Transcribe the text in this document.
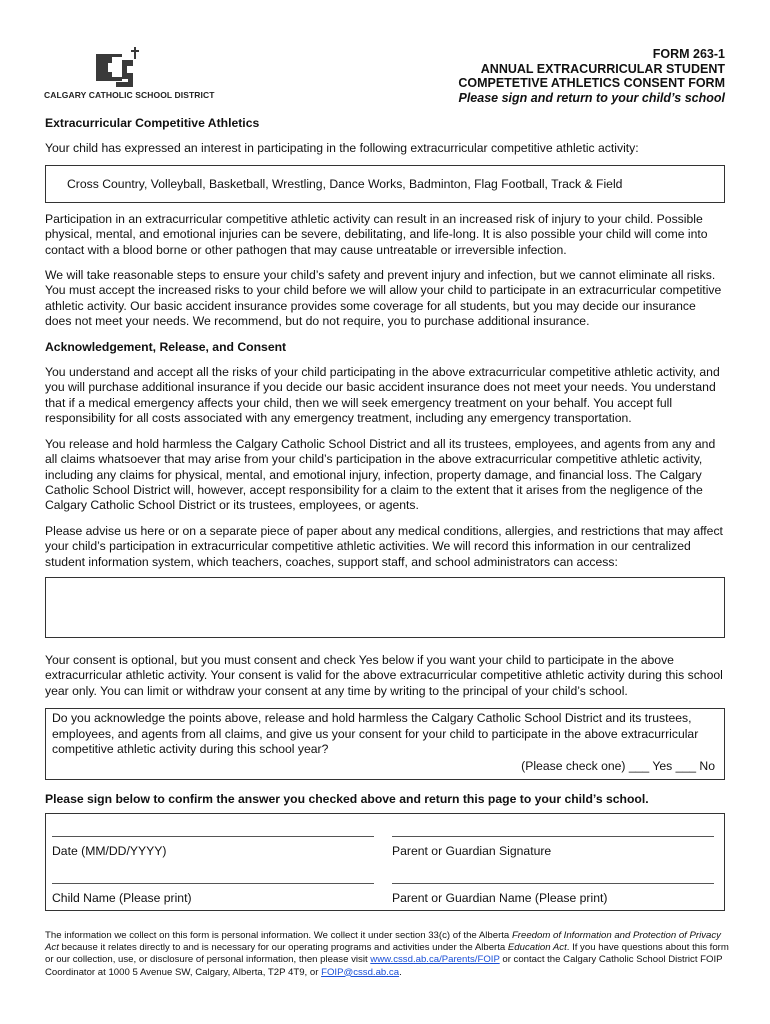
CALGARY CATHOLIC SCHOOL DISTRICT
FORM 263-1
ANNUAL EXTRACURRICULAR STUDENT
COMPETETIVE ATHLETICS CONSENT FORM
Please sign and return to your child’s school
Extracurricular Competitive Athletics

Your child has expressed an interest in participating in the following extracurricular competitive athletic activity:

Cross Country, Volleyball, Basketball, Wrestling, Dance Works, Badminton, Flag Football, Track & Field

Participation in an extracurricular competitive athletic activity can result in an increased risk of injury to your child. Possible physical, mental, and emotional injuries can be severe, debilitating, and life-long. It is also possible your child will come into contact with a blood borne or other pathogen that may cause untreatable or irreversible infection.

We will take reasonable steps to ensure your child’s safety and prevent injury and infection, but we cannot eliminate all risks. You must accept the increased risks to your child before we will allow your child to participate in an extracurricular competitive athletic activity. Our basic accident insurance provides some coverage for all students, but you may decide our insurance does not meet your needs. We recommend, but do not require, you to purchase additional insurance.

Acknowledgement, Release, and Consent

You understand and accept all the risks of your child participating in the above extracurricular competitive athletic activity, and you will purchase additional insurance if you decide our basic accident insurance does not meet your needs. You understand that if a medical emergency affects your child, then we will seek emergency treatment on your behalf. You accept full responsibility for all costs associated with any emergency treatment, including any emergency transportation.

You release and hold harmless the Calgary Catholic School District and all its trustees, employees, and agents from any and all claims whatsoever that may arise from your child’s participation in the above extracurricular competitive athletic activity, including any claims for physical, mental, and emotional injury, infection, property damage, and financial loss. The Calgary Catholic School District will, however, accept responsibility for a claim to the extent that it arises from the negligence of the Calgary Catholic School District or its trustees, employees, or agents.

Please advise us here or on a separate piece of paper about any medical conditions, allergies, and restrictions that may affect your child’s participation in extracurricular competitive athletic activities. We will record this information in our centralized student information system, which teachers, coaches, support staff, and school administrators can access:

Your consent is optional, but you must consent and check Yes below if you want your child to participate in the above extracurricular athletic activity. Your consent is valid for the above extracurricular competitive athletic activity during this school year only. You can limit or withdraw your consent at any time by writing to the principal of your child’s school.

Do you acknowledge the points above, release and hold harmless the Calgary Catholic School District and its trustees, employees, and agents from all claims, and give us your consent for your child to participate in the above extracurricular competitive athletic activity during this school year?
(Please check one) ___ Yes ___ No
Please sign below to confirm the answer you checked above and return this page to your child’s school.
Date (MM/DD/YYYY)	Parent or Guardian Signature
Child Name (Please print)	Parent or Guardian Name (Please print)
The information we collect on this form is personal information. We collect it under section 33(c) of the Alberta Freedom of Information and Protection of Privacy Act because it relates directly to and is necessary for our operating programs and activities under the Alberta Education Act. If you have questions about this form or our collection, use, or disclosure of personal information, then please visit www.cssd.ab.ca/Parents/FOIP or contact the Calgary Catholic School District FOIP Coordinator at 1000 5 Avenue SW, Calgary, Alberta, T2P 4T9, or FOIP@cssd.ab.ca.
